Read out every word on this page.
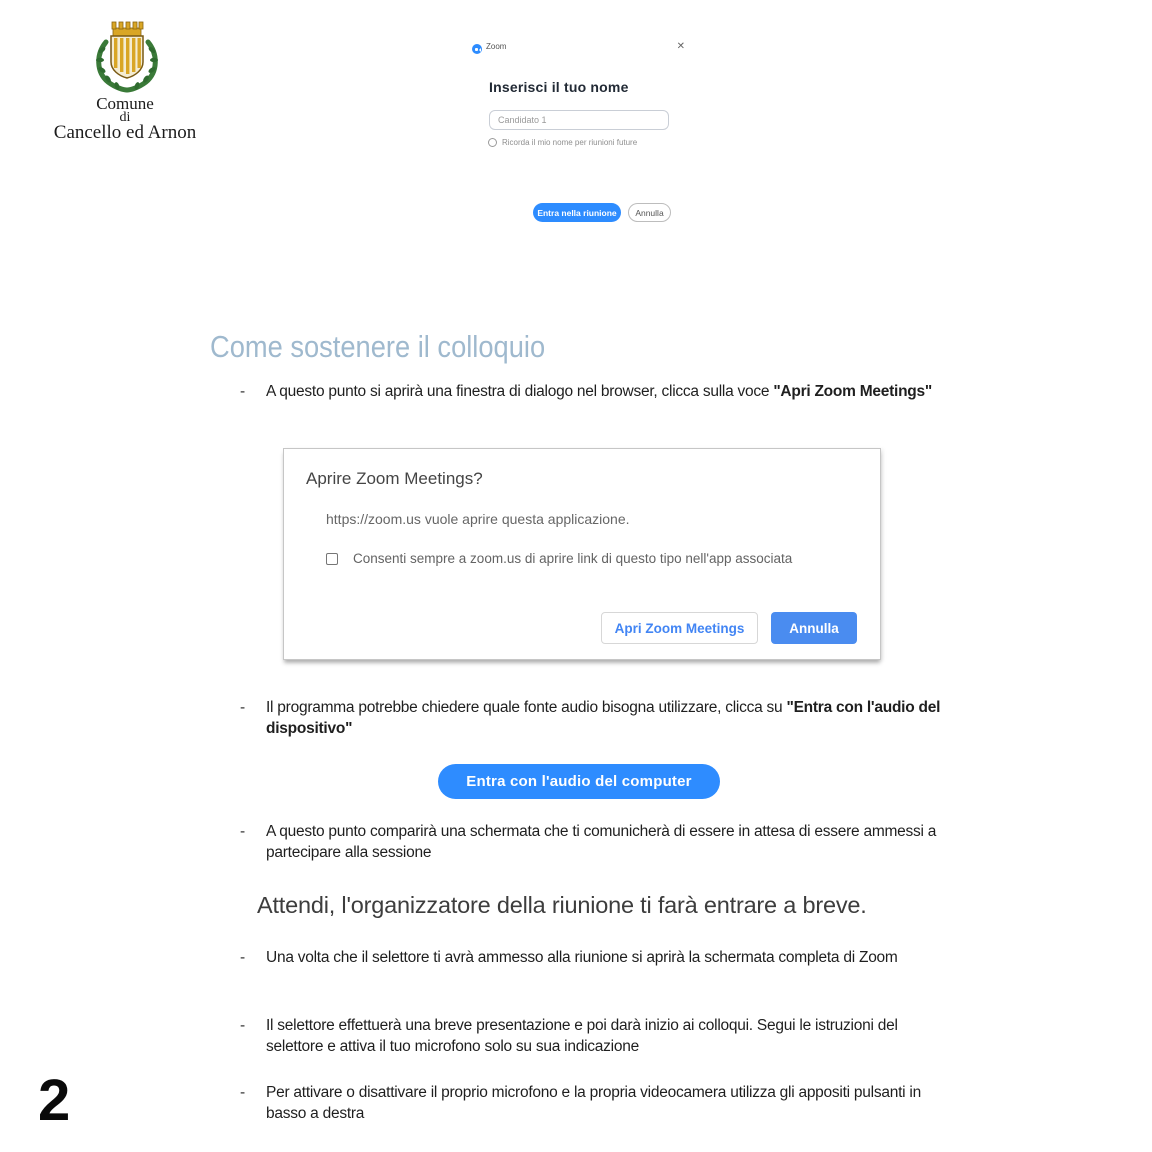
Comune
di
Cancello ed Arnon
Zoom	✕
Inserisci il tuo nome
Candidato 1
Ricorda il mio nome per riunioni future
Entra nella riunione	Annulla
Come sostenere il colloquio
-	A questo punto si aprirà una finestra di dialogo nel browser, clicca sulla voce "Apri Zoom Meetings"
Aprire Zoom Meetings?
https://zoom.us vuole aprire questa applicazione.
Consenti sempre a zoom.us di aprire link di questo tipo nell'app associata
Apri Zoom Meetings	Annulla
-	Il programma potrebbe chiedere quale fonte audio bisogna utilizzare, clicca su "Entra con l'audio del dispositivo"
Entra con l'audio del computer
-	A questo punto comparirà una schermata che ti comunicherà di essere in attesa di essere ammessi a partecipare alla sessione
Attendi, l'organizzatore della riunione ti farà entrare a breve.
-	Una volta che il selettore ti avrà ammesso alla riunione si aprirà la schermata completa di Zoom
-	Il selettore effettuerà una breve presentazione e poi darà inizio ai colloqui. Segui le istruzioni del selettore e attiva il tuo microfono solo su sua indicazione
-	Per attivare o disattivare il proprio microfono e la propria videocamera utilizza gli appositi pulsanti in basso a destra
2
